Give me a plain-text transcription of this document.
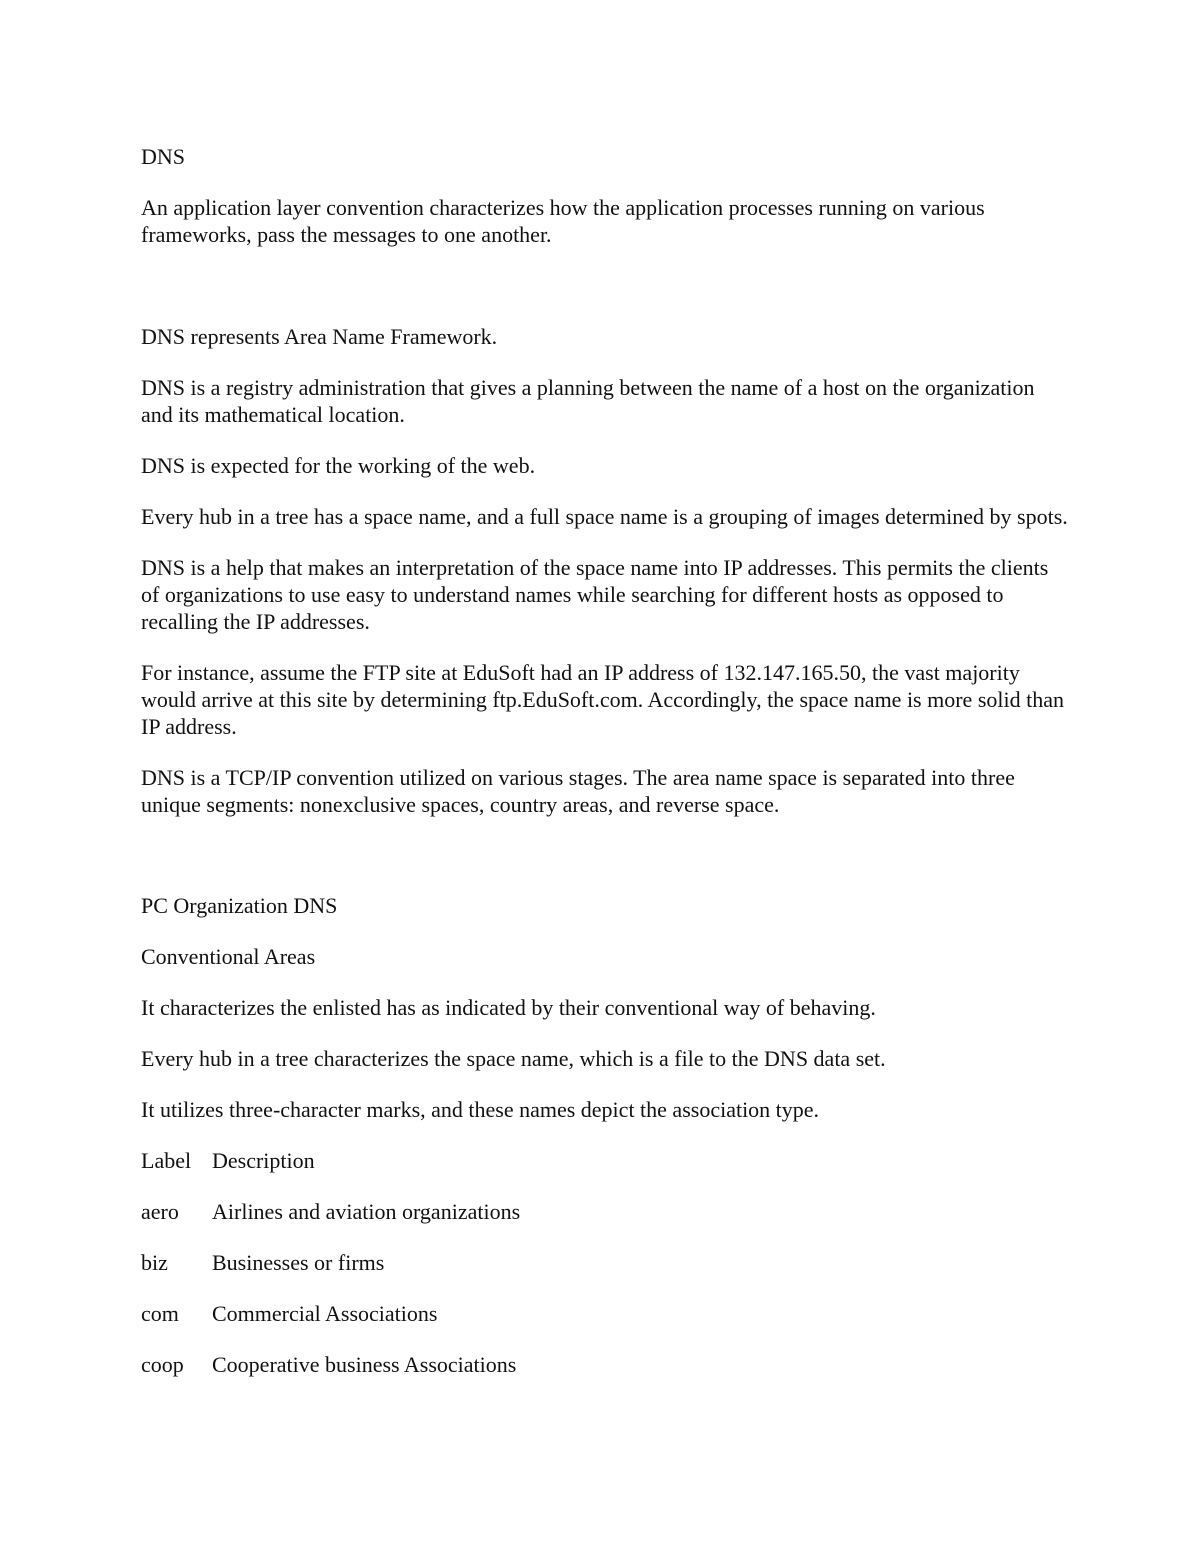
DNS

An application layer convention characterizes how the application processes running on various frameworks, pass the messages to one another.

DNS represents Area Name Framework.

DNS is a registry administration that gives a planning between the name of a host on the organization and its mathematical location.

DNS is expected for the working of the web.

Every hub in a tree has a space name, and a full space name is a grouping of images determined by spots.

DNS is a help that makes an interpretation of the space name into IP addresses. This permits the clients of organizations to use easy to understand names while searching for different hosts as opposed to recalling the IP addresses.

For instance, assume the FTP site at EduSoft had an IP address of 132.147.165.50, the vast majority would arrive at this site by determining ftp.EduSoft.com. Accordingly, the space name is more solid than IP address.

DNS is a TCP/IP convention utilized on various stages. The area name space is separated into three unique segments: nonexclusive spaces, country areas, and reverse space.

PC Organization DNS

Conventional Areas

It characterizes the enlisted has as indicated by their conventional way of behaving.

Every hub in a tree characterizes the space name, which is a file to the DNS data set.

It utilizes three-character marks, and these names depict the association type.

Label Description
aero	Airlines and aviation organizations
biz	Businesses or firms
com	Commercial Associations
coop	Cooperative business Associations
